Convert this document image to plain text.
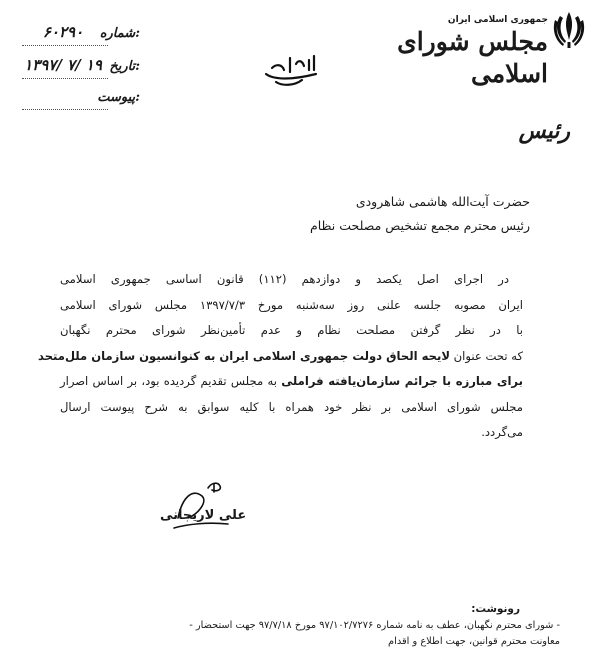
جمهوری اسلامی ایران
مجلس شورای اسلامی
رئیس
شماره:
۶۰۲۹۰
تاریخ:
۱۳۹۷/ ۷/ ۱۹
پیوست:
حضرت آیت‌الله هاشمی شاهرودی
رئیس محترم مجمع تشخیص مصلحت نظام
در اجرای اصل یکصد و دوازدهم (۱۱۲) قانون اساسی جمهوری اسلامی
ایران مصوبه جلسه علنی روز سه‌شنبه مورخ ۱۳۹۷/۷/۳ مجلس شورای اسلامی
با در نظر گرفتن مصلحت نظام و عدم تأمین‌نظر شورای محترم نگهبان
که تحت عنوان لایحه الحاق دولت جمهوری اسلامی ایران به کنوانسیون سازمان ملل‌متحد
برای مبارزه با جرائم سازمان‌یافته فراملی به مجلس تقدیم گردیده بود، بر اساس اصرار
مجلس شورای اسلامی بر نظر خود همراه با کلیه سوابق به شرح پیوست ارسال
می‌گردد.
علی لاریجانی
رونوشت:
- شورای محترم نگهبان، عطف به نامه شماره ۹۷/۱۰۲/۷۲۷۶ مورخ ۹۷/۷/۱۸ جهت استحضار -
معاونت محترم قوانین، جهت اطلاع و اقدام
